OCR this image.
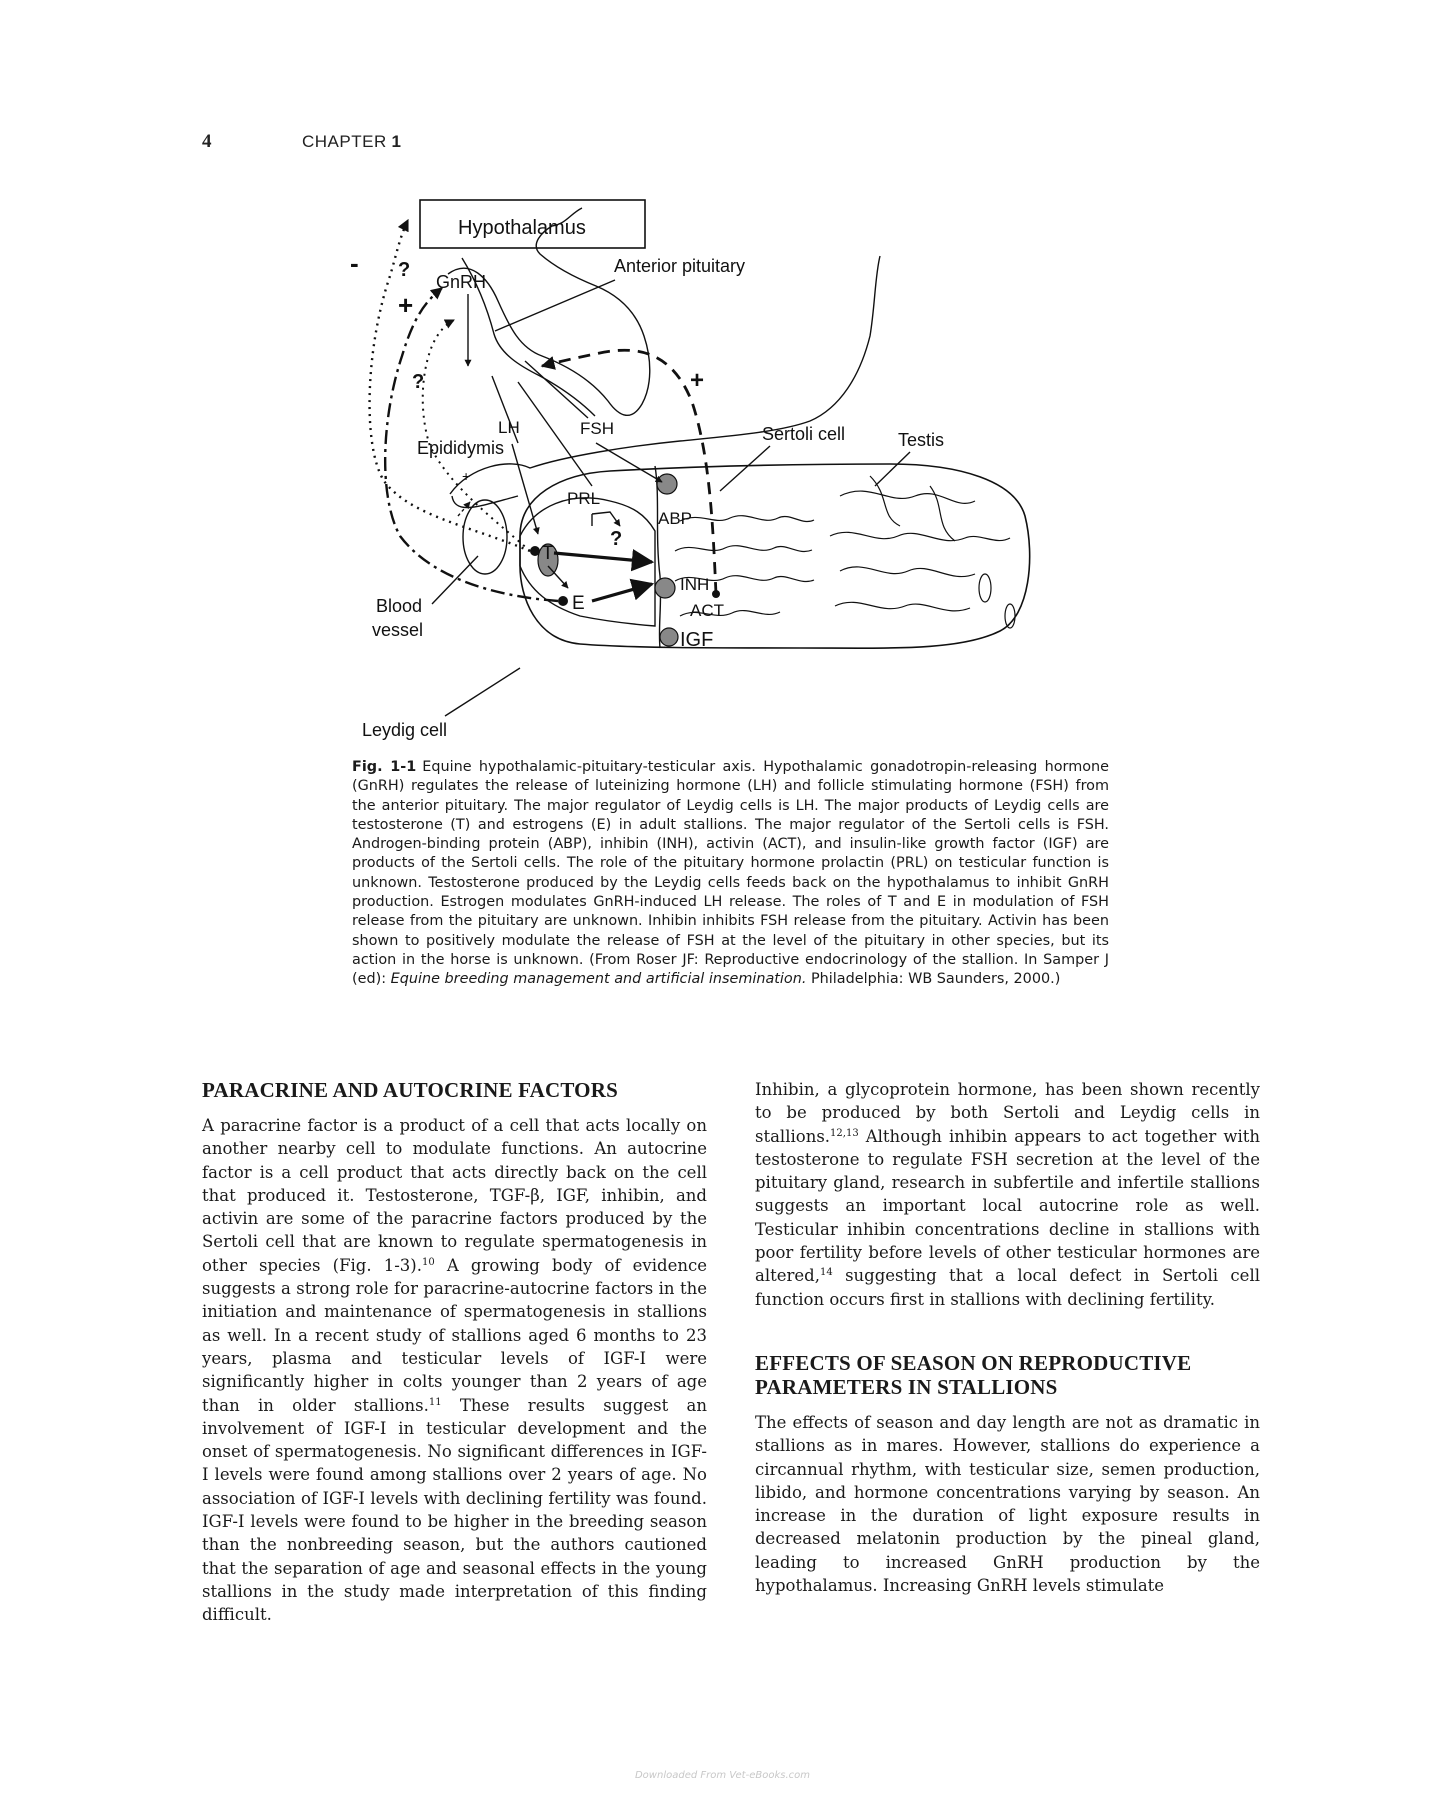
4	CHAPTER 1
Hypothalamus
GnRH
Anterior pituitary
LH	FSH
Epididymis
PRL
?
ABP
Sertoli cell	Testis
T
E
INH
ACT
IGF
Blood
vessel
Leydig cell
- ?
+
?	+
+
Fig. 1-1 Equine hypothalamic-pituitary-testicular axis. Hypothalamic gonadotropin-releasing hormone (GnRH) regulates the release of luteinizing hormone (LH) and follicle stimulating hormone (FSH) from the anterior pituitary. The major regulator of Leydig cells is LH. The major products of Leydig cells are testosterone (T) and estrogens (E) in adult stallions. The major regulator of the Sertoli cells is FSH. Androgen-binding protein (ABP), inhibin (INH), activin (ACT), and insulin-like growth factor (IGF) are products of the Sertoli cells. The role of the pituitary hormone prolactin (PRL) on testicular function is unknown. Testosterone produced by the Leydig cells feeds back on the hypothalamus to inhibit GnRH production. Estrogen modulates GnRH-induced LH release. The roles of T and E in modulation of FSH release from the pituitary are unknown. Inhibin inhibits FSH release from the pituitary. Activin has been shown to positively modulate the release of FSH at the level of the pituitary in other species, but its action in the horse is unknown. (From Roser JF: Reproductive endocrinology of the stallion. In Samper J (ed): Equine breeding management and artificial insemination. Philadelphia: WB Saunders, 2000.)
PARACRINE AND AUTOCRINE FACTORS

A paracrine factor is a product of a cell that acts locally on another nearby cell to modulate functions. An autocrine factor is a cell product that acts directly back on the cell that produced it. Testosterone, TGF-β, IGF, inhibin, and activin are some of the paracrine factors produced by the Sertoli cell that are known to regulate spermatogenesis in other species (Fig. 1-3).$^{10}$ A growing body of evidence suggests a strong role for paracrine-autocrine factors in the initiation and maintenance of spermatogenesis in stallions as well. In a recent study of stallions aged 6 months to 23 years, plasma and testicular levels of IGF-I were significantly higher in colts younger than 2 years of age than in older stallions.$^{11}$ These results suggest an involvement of IGF-I in testicular development and the onset of spermatogenesis. No significant differences in IGF-I levels were found among stallions over 2 years of age. No association of IGF-I levels with declining fertility was found. IGF-I levels were found to be higher in the breeding season than the nonbreeding season, but the authors cautioned that the separation of age and seasonal effects in the young stallions in the study made interpretation of this finding difficult.

Inhibin, a glycoprotein hormone, has been shown recently to be produced by both Sertoli and Leydig cells in stallions.$^{12,13}$ Although inhibin appears to act together with testosterone to regulate FSH secretion at the level of the pituitary gland, research in subfertile and infertile stallions suggests an important local autocrine role as well. Testicular inhibin concentrations decline in stallions with poor fertility before levels of other testicular hormones are altered,$^{14}$ suggesting that a local defect in Sertoli cell function occurs first in stallions with declining fertility.

EFFECTS OF SEASON ON REPRODUCTIVE PARAMETERS IN STALLIONS

The effects of season and day length are not as dramatic in stallions as in mares. However, stallions do experience a circannual rhythm, with testicular size, semen production, libido, and hormone concentrations varying by season. An increase in the duration of light exposure results in decreased melatonin production by the pineal gland, leading to increased GnRH production by the hypothalamus. Increasing GnRH levels stimulate

Downloaded From Vet-eBooks.com
